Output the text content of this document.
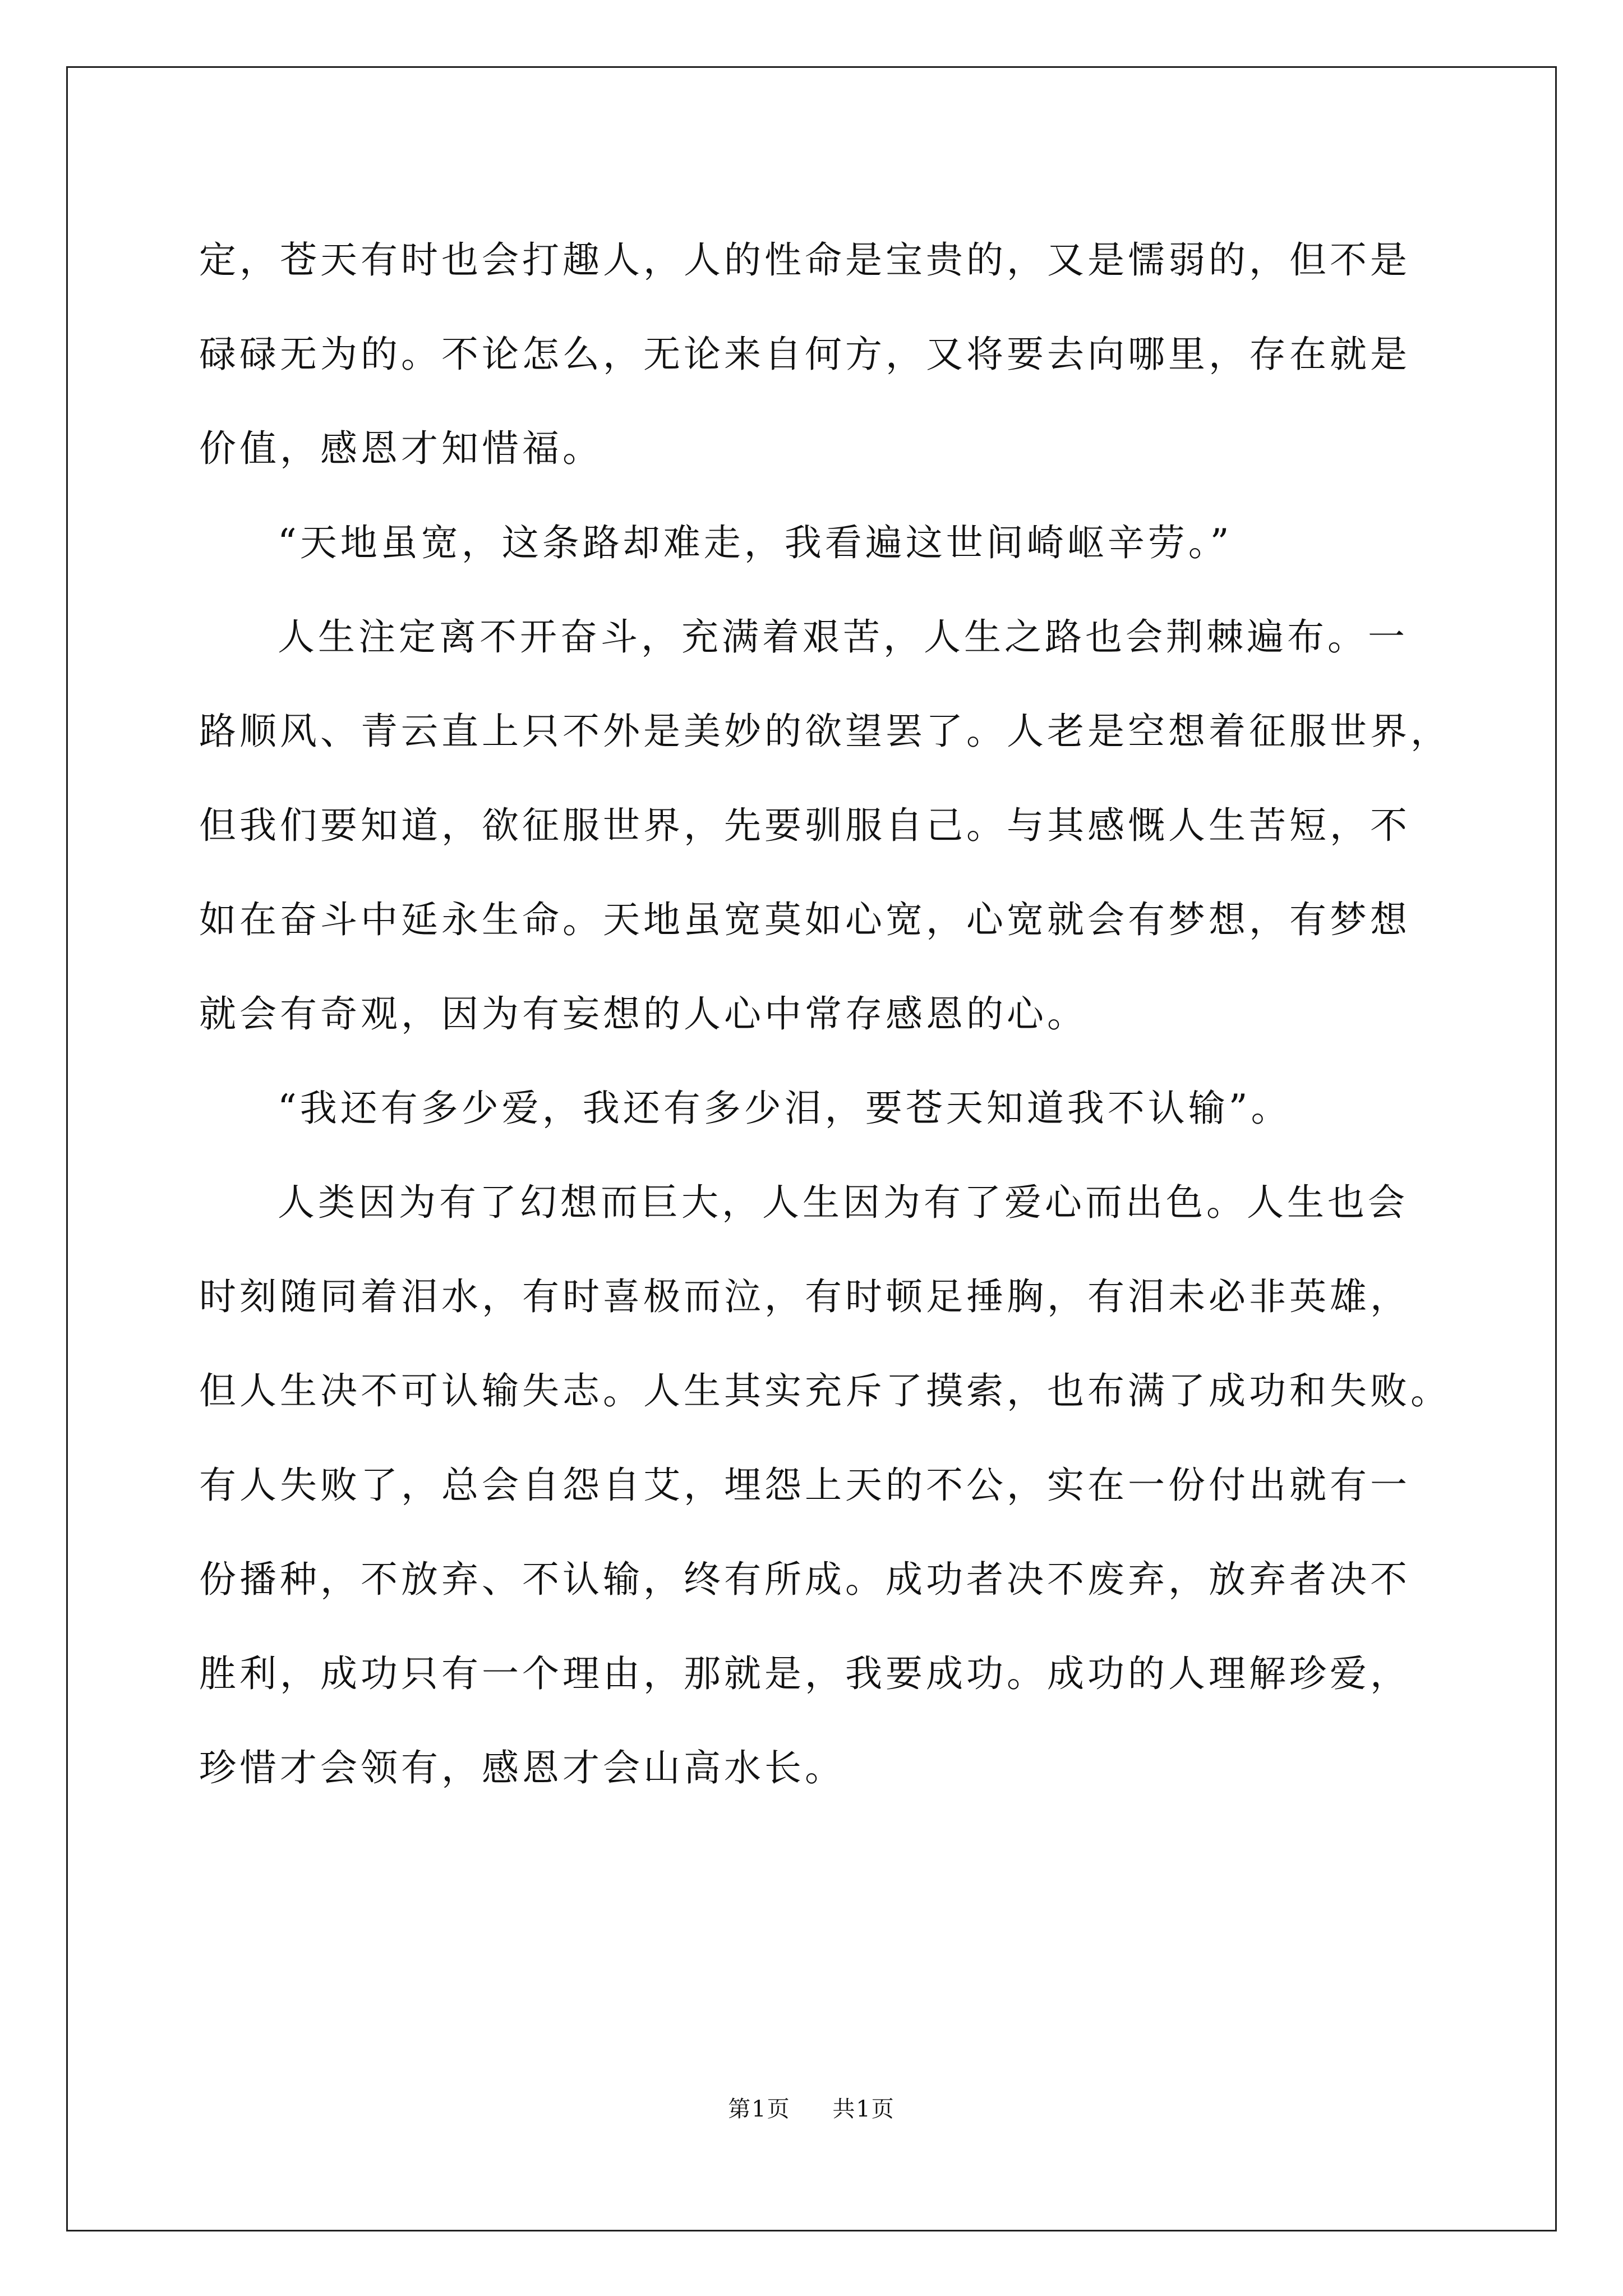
定，苍天有时也会打趣人，人的性命是宝贵的，又是懦弱的，但不是
碌碌无为的。不论怎么，无论来自何方，又将要去向哪里，存在就是
价值，感恩才知惜福。
“天地虽宽，这条路却难走，我看遍这世间崎岖辛劳。”
人生注定离不开奋斗，充满着艰苦，人生之路也会荆棘遍布。一
路顺风、青云直上只不外是美妙的欲望罢了。人老是空想着征服世界，
但我们要知道，欲征服世界，先要驯服自己。与其感慨人生苦短，不
如在奋斗中延永生命。天地虽宽莫如心宽，心宽就会有梦想，有梦想
就会有奇观，因为有妄想的人心中常存感恩的心。
“我还有多少爱，我还有多少泪，要苍天知道我不认输”。
人类因为有了幻想而巨大，人生因为有了爱心而出色。人生也会
时刻随同着泪水，有时喜极而泣，有时顿足捶胸，有泪未必非英雄，
但人生决不可认输失志。人生其实充斥了摸索，也布满了成功和失败。
有人失败了，总会自怨自艾，埋怨上天的不公，实在一份付出就有一
份播种，不放弃、不认输，终有所成。成功者决不废弃，放弃者决不
胜利，成功只有一个理由，那就是，我要成功。成功的人理解珍爱，
珍惜才会领有，感恩才会山高水长。
第1页 共1页
